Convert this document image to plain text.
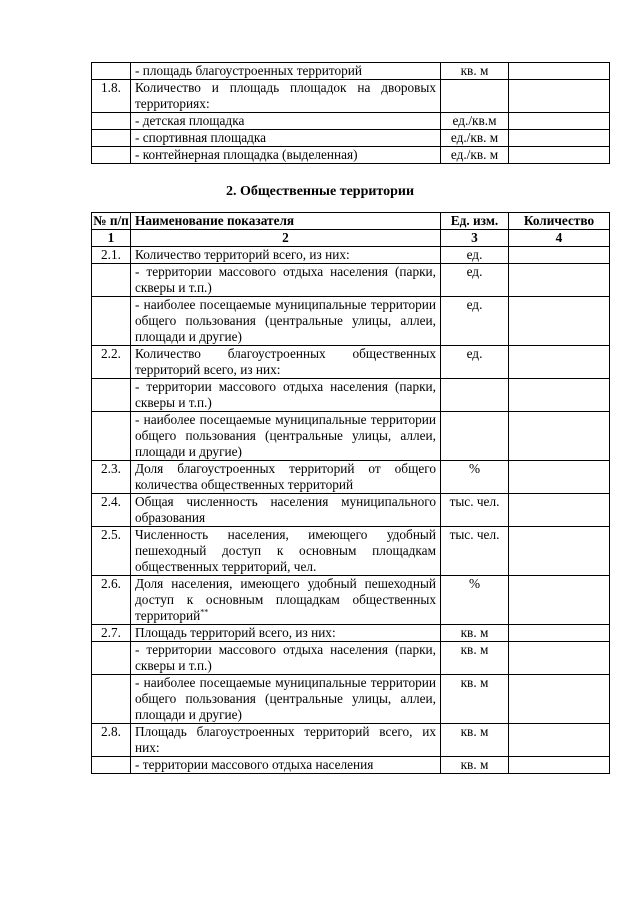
	- площадь благоустроенных территорий	кв. м	
1.8.	Количество и площадь площадок на дворовых территориях:		
	- детская площадка	ед./кв.м	
	- спортивная площадка	ед./кв. м	
	- контейнерная площадка (выделенная)	ед./кв. м	
2. Общественные территории
№ п/п	Наименование показателя	Ед. изм.	Количество
1	2	3	4
2.1.	Количество территорий всего, из них:	ед.	
	- территории массового отдыха населения (парки, скверы и т.п.)	ед.	
	- наиболее посещаемые муниципальные территории общего пользования (центральные улицы, аллеи, площади и другие)	ед.	
2.2.	Количество благоустроенных общественных территорий всего, из них:	ед.	
	- территории массового отдыха населения (парки, скверы и т.п.)		
	- наиболее посещаемые муниципальные территории общего пользования (центральные улицы, аллеи, площади и другие)		
2.3.	Доля благоустроенных территорий от общего количества общественных территорий	%	
2.4.	Общая численность населения муниципального образования	тыс. чел.	
2.5.	Численность населения, имеющего удобный пешеходный доступ к основным площадкам общественных территорий, чел.	тыс. чел.	
2.6.	Доля населения, имеющего удобный пешеходный доступ к основным площадкам общественных территорий**	%	
2.7.	Площадь территорий всего, из них:	кв. м	
	- территории массового отдыха населения (парки, скверы и т.п.)	кв. м	
	- наиболее посещаемые муниципальные территории общего пользования (центральные улицы, аллеи, площади и другие)	кв. м	
2.8.	Площадь благоустроенных территорий всего, их них:	кв. м	
	- территории массового отдыха населения	кв. м	
